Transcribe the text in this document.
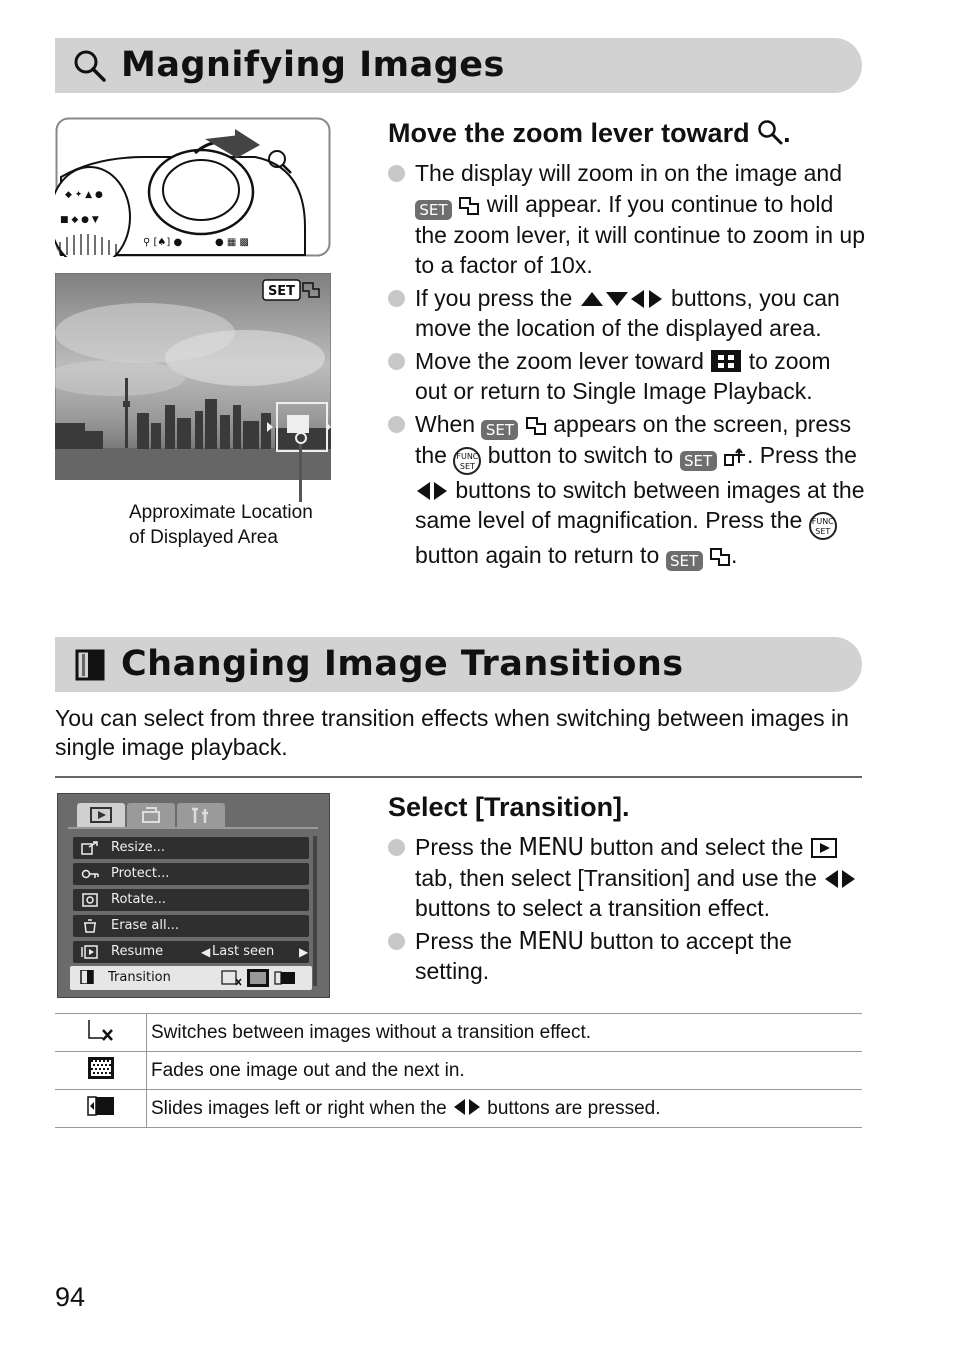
Magnifying Images
◆ ✦ ▲ ●
■ ◆ ● ▼
⚲ [♠] ●	● ▦ ▩
SET
Approximate Location
of Displayed Area
Move the zoom lever toward .
The display will zoom in on the image and SET  will appear. If you continue to hold the zoom lever, it will continue to zoom in up to a factor of 10x.
If you press the	buttons, you can move the location of the displayed area.
Move the zoom lever toward to zoom out or return to Single Image Playback.
When SET appears on the screen, press the FUNC
SET button to switch to SET . Press the  buttons to switch between images at the same level of magnification. Press the FUNC
SET button again to return to SET .
Changing Image Transitions
You can select from three transition effects when switching between images in single image playback.
Resize...
Protect...
Rotate...
Erase all...
Resume	◀ Last seen ▶
Transition
Select [Transition].
Press the MENU button and select the  tab, then select [Transition] and use the  buttons to select a transition effect.
Press the MENU button to accept the setting.
	Switches between images without a transition effect.
	Fades one image out and the next in.
	Slides images left or right when the buttons are pressed.
94
